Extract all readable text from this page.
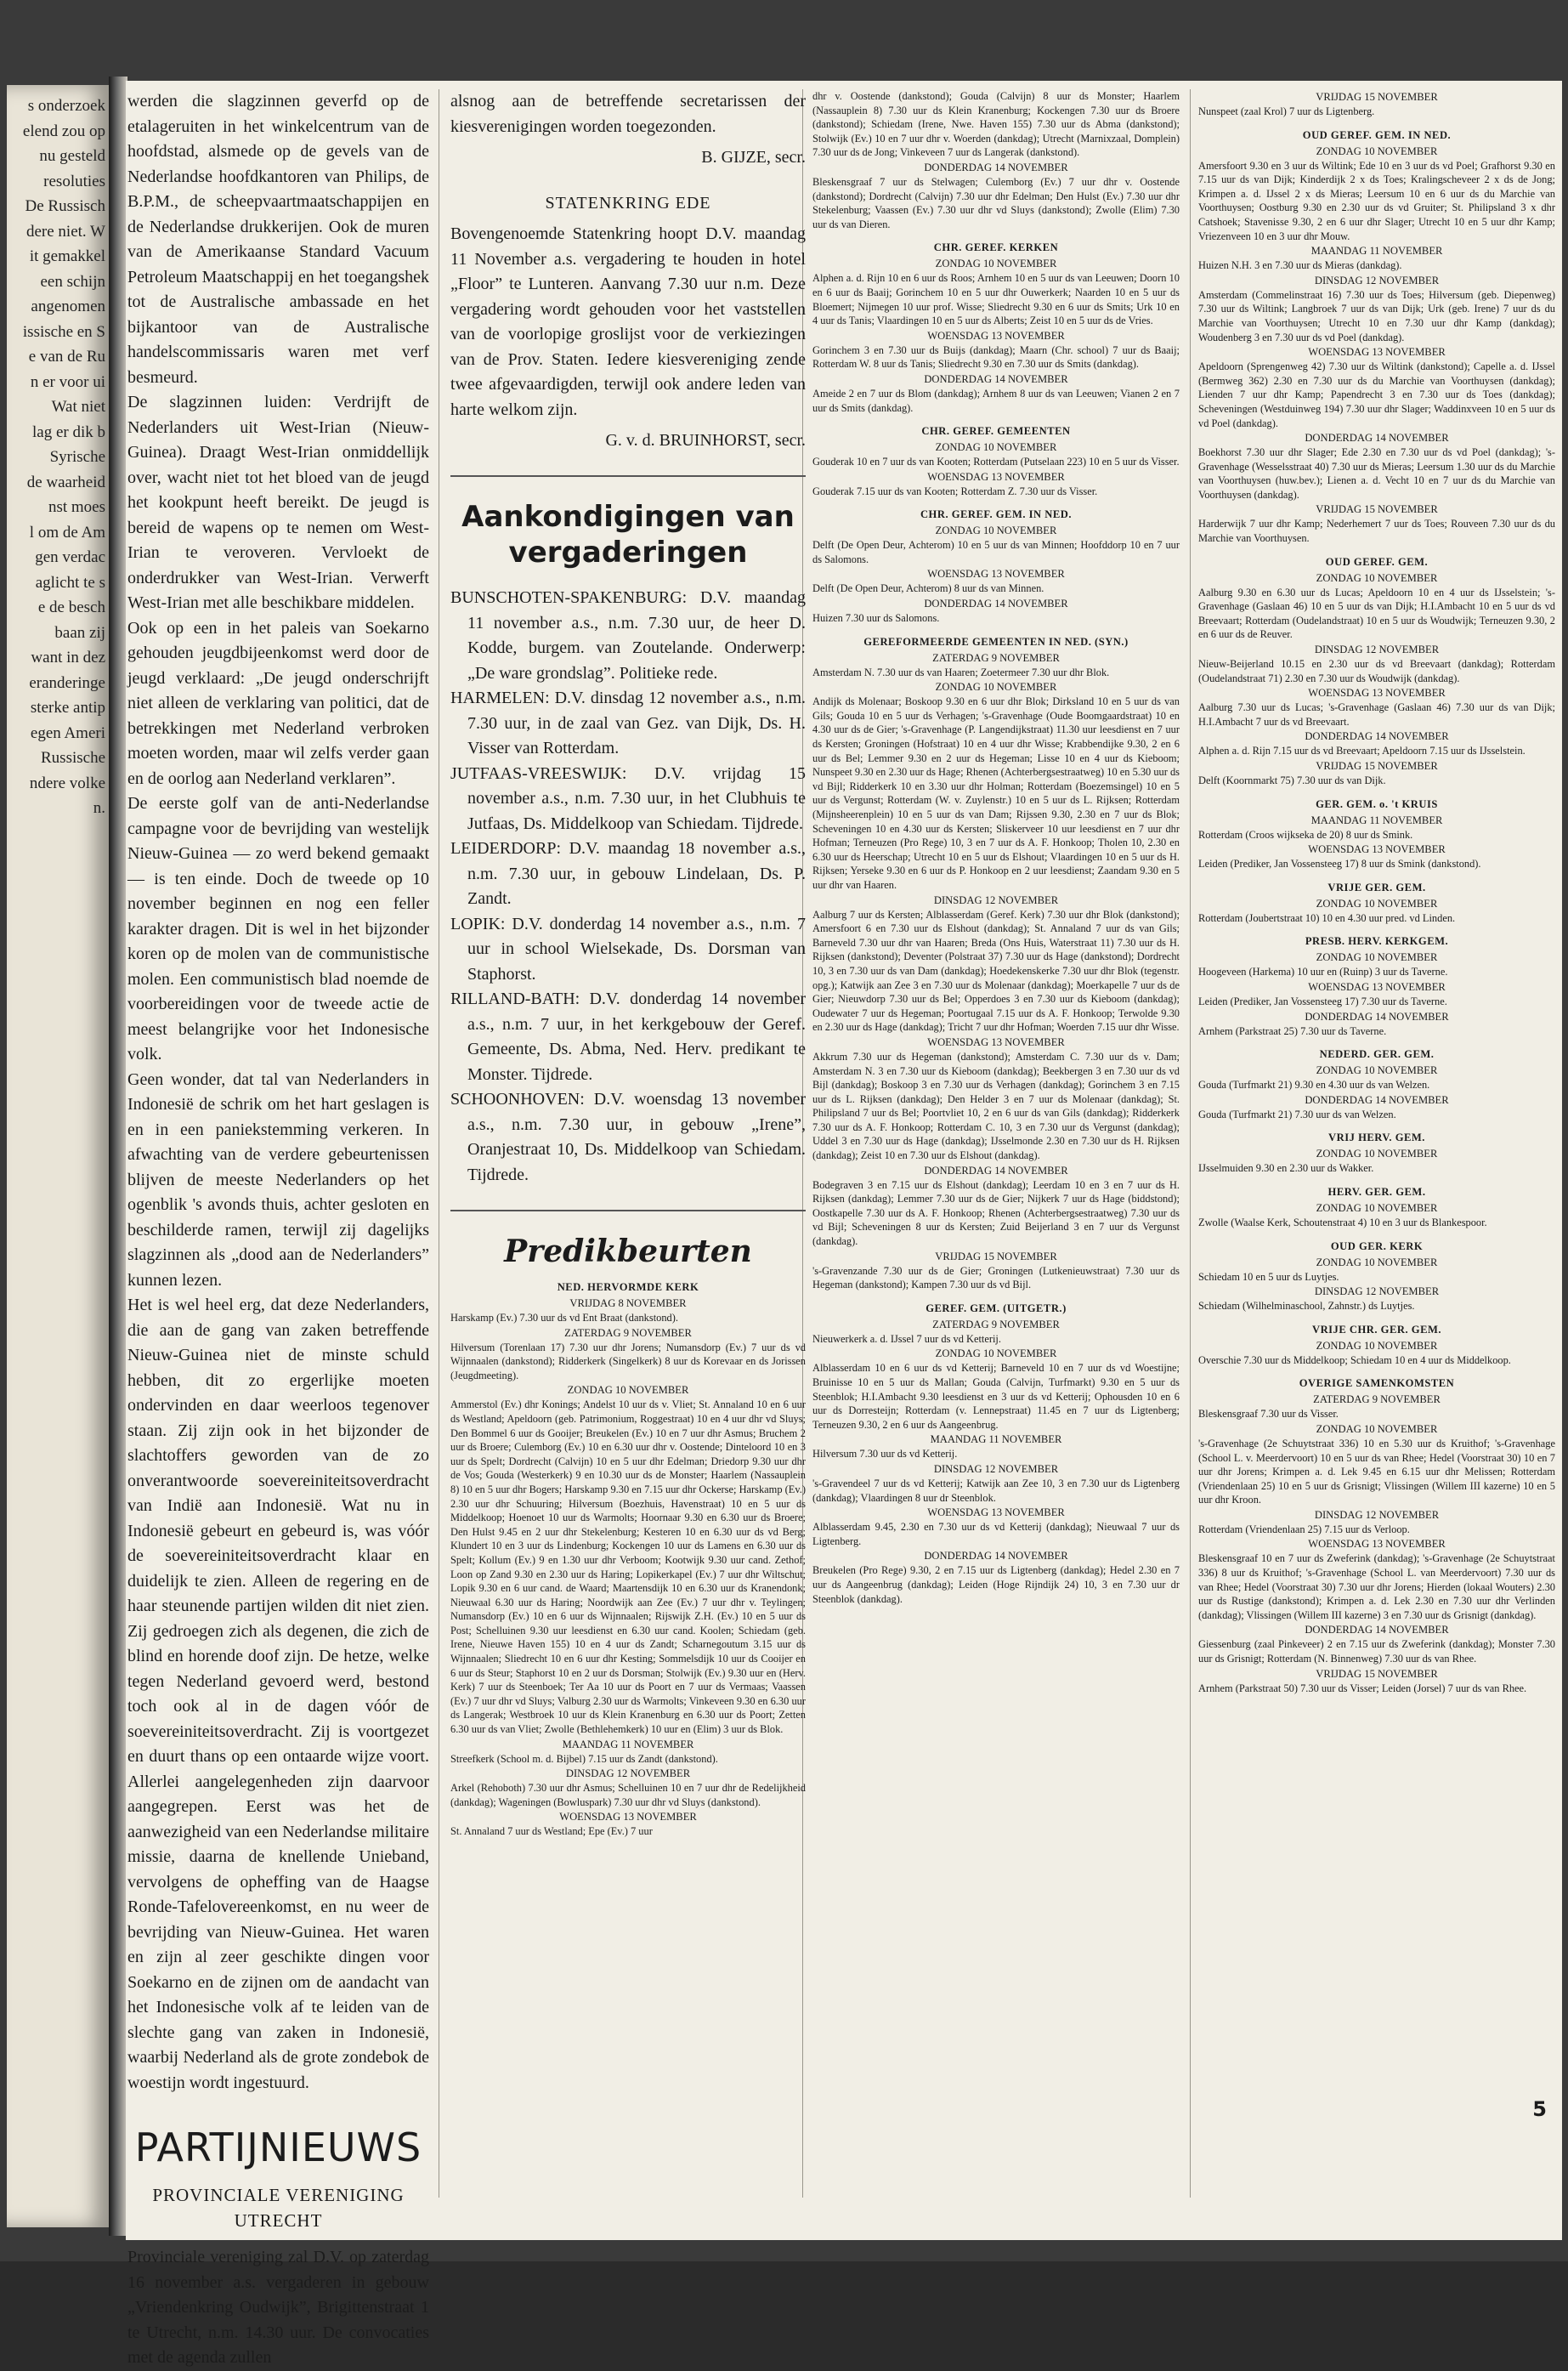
s onderzoek
elend zou op
nu gesteld
resoluties
De Russisch
dere niet. W
it gemakkel
een schijn
angenomen
issische en S
e van de Ru
n er voor ui
Wat niet
lag er dik b
Syrische
de waarheid
nst moes
l om de Am
gen verdac
aglicht te s
e de besch
baan zij
want in dez
eranderinge
sterke antip
egen Ameri
Russische
ndere volke
n.

werden die slagzinnen geverfd op de etalageruiten in het winkelcentrum van de hoofdstad, alsmede op de gevels van de Nederlandse hoofdkantoren van Philips, de B.P.M., de scheepvaartmaatschappijen en de Nederlandse drukkerijen. Ook de muren van de Amerikaanse Standard Vacuum Petroleum Maatschappij en het toegangshek tot de Australische ambassade en het bijkantoor van de Australische handelscommissaris waren met verf besmeurd.

De slagzinnen luiden: Verdrijft de Nederlanders uit West-Irian (Nieuw-Guinea). Draagt West-Irian onmiddellijk over, wacht niet tot het bloed van de jeugd het kookpunt heeft bereikt. De jeugd is bereid de wapens op te nemen om West-Irian te veroveren. Vervloekt de onderdrukker van West-Irian. Verwerft West-Irian met alle beschikbare middelen.

Ook op een in het paleis van Soekarno gehouden jeugdbijeenkomst werd door de jeugd verklaard: „De jeugd onderschrijft niet alleen de verklaring van politici, dat de betrekkingen met Nederland verbroken moeten worden, maar wil zelfs verder gaan en de oorlog aan Nederland verklaren”.

De eerste golf van de anti-Nederlandse campagne voor de bevrijding van westelijk Nieuw-Guinea — zo werd bekend gemaakt — is ten einde. Doch de tweede op 10 november beginnen en nog een feller karakter dragen. Dit is wel in het bijzonder koren op de molen van de communistische molen. Een communistisch blad noemde de voorbereidingen voor de tweede actie de meest belangrijke voor het Indonesische volk.

Geen wonder, dat tal van Nederlanders in Indonesië de schrik om het hart geslagen is en in een paniekstemming verkeren. In afwachting van de verdere gebeurtenissen blijven de meeste Nederlanders op het ogenblik 's avonds thuis, achter gesloten en beschilderde ramen, terwijl zij dagelijks slagzinnen als „dood aan de Nederlanders” kunnen lezen.

Het is wel heel erg, dat deze Nederlanders, die aan de gang van zaken betreffende Nieuw-Guinea niet de minste schuld hebben, dit zo ergerlijke moeten ondervinden en daar weerloos tegenover staan. Zij zijn ook in het bijzonder de slachtoffers geworden van de zo onverantwoorde soevereiniteitsoverdracht van Indië aan Indonesië. Wat nu in Indonesië gebeurt en gebeurd is, was vóór de soevereiniteitsoverdracht klaar en duidelijk te zien. Alleen de regering en de haar steunende partijen wilden dit niet zien. Zij gedroegen zich als degenen, die zich de blind en horende doof zijn. De hetze, welke tegen Nederland gevoerd werd, bestond toch ook al in de dagen vóór de soevereiniteitsoverdracht. Zij is voortgezet en duurt thans op een ontaarde wijze voort. Allerlei aangelegenheden zijn daarvoor aangegrepen. Eerst was het de aanwezigheid van een Nederlandse militaire missie, daarna de knellende Unieband, vervolgens de opheffing van de Haagse Ronde-Tafelovereenkomst, en nu weer de bevrijding van Nieuw-Guinea. Het waren en zijn al zeer geschikte dingen voor Soekarno en de zijnen om de aandacht van het Indonesische volk af te leiden van de slechte gang van zaken in Indonesië, waarbij Nederland als de grote zondebok de woestijn wordt ingestuurd.

PARTIJNIEUWS
PROVINCIALE VERENIGING UTRECHT

Provinciale vereniging zal D.V. op zaterdag 16 november a.s. vergaderen in gebouw „Vriendenkring Oudwijk”, Brigittenstraat 1 te Utrecht, n.m. 14.30 uur. De convocaties met de agenda zullen

alsnog aan de betreffende secretarissen der kiesverenigingen worden toegezonden.

B. GIJZE, secr.

STATENKRING EDE

Bovengenoemde Statenkring hoopt D.V. maandag 11 November a.s. vergadering te houden in hotel „Floor” te Lunteren. Aanvang 7.30 uur n.m. Deze vergadering wordt gehouden voor het vaststellen van de voorlopige groslijst voor de verkiezingen van de Prov. Staten. Iedere kiesvereniging zende twee afgevaardigden, terwijl ook andere leden van harte welkom zijn.

G. v. d. BRUINHORST, secr.

Aankondigingen van vergaderingen

BUNSCHOTEN-SPAKENBURG: D.V. maandag 11 november a.s., n.m. 7.30 uur, de heer D. Kodde, burgem. van Zoutelande. Onderwerp: „De ware grondslag”. Politieke rede.

HARMELEN: D.V. dinsdag 12 november a.s., n.m. 7.30 uur, in de zaal van Gez. van Dijk, Ds. H. Visser van Rotterdam.

JUTFAAS-VREESWIJK: D.V. vrijdag 15 november a.s., n.m. 7.30 uur, in het Clubhuis te Jutfaas, Ds. Middelkoop van Schiedam. Tijdrede.

LEIDERDORP: D.V. maandag 18 november a.s., n.m. 7.30 uur, in gebouw Lindelaan, Ds. P. Zandt.

LOPIK: D.V. donderdag 14 november a.s., n.m. 7 uur in school Wielsekade, Ds. Dorsman van Staphorst.

RILLAND-BATH: D.V. donderdag 14 november a.s., n.m. 7 uur, in het kerkgebouw der Geref. Gemeente, Ds. Abma, Ned. Herv. predikant te Monster. Tijdrede.

SCHOONHOVEN: D.V. woensdag 13 november a.s., n.m. 7.30 uur, in gebouw „Irene”, Oranjestraat 10, Ds. Middelkoop van Schiedam. Tijdrede.

Predikbeurten
NED. HERVORMDE KERK
VRIJDAG 8 NOVEMBER

Harskamp (Ev.) 7.30 uur ds vd Ent Braat (dankstond).

ZATERDAG 9 NOVEMBER

Hilversum (Torenlaan 17) 7.30 uur dhr Jorens; Numansdorp (Ev.) 7 uur ds vd Wijnnaalen (dankstond); Ridderkerk (Singelkerk) 8 uur ds Korevaar en ds Jorissen (Jeugdmeeting).

ZONDAG 10 NOVEMBER

Ammerstol (Ev.) dhr Konings; Andelst 10 uur ds v. Vliet; St. Annaland 10 en 6 uur ds Westland; Apeldoorn (geb. Patrimonium, Roggestraat) 10 en 4 uur dhr vd Sluys; Den Bommel 6 uur ds Gooijer; Breukelen (Ev.) 10 en 7 uur dhr Asmus; Bruchem 2 uur ds Broere; Culemborg (Ev.) 10 en 6.30 uur dhr v. Oostende; Dinteloord 10 en 3 uur ds Spelt; Dordrecht (Calvijn) 10 en 5 uur dhr Edelman; Driedorp 9.30 uur dhr de Vos; Gouda (Westerkerk) 9 en 10.30 uur ds de Monster; Haarlem (Nassauplein 8) 10 en 5 uur dhr Bogers; Harskamp 9.30 en 7.15 uur dhr Ockerse; Harskamp (Ev.) 2.30 uur dhr Schuuring; Hilversum (Boezhuis, Havenstraat) 10 en 5 uur ds Middelkoop; Hoenoet 10 uur ds Warmolts; Hoornaar 9.30 en 6.30 uur ds Broere; Den Hulst 9.45 en 2 uur dhr Stekelenburg; Kesteren 10 en 6.30 uur ds vd Berg; Klundert 10 en 3 uur ds Lindenburg; Kockengen 10 uur ds Lamens en 6.30 uur ds Spelt; Kollum (Ev.) 9 en 1.30 uur dhr Verboom; Kootwijk 9.30 uur cand. Zethof; Loon op Zand 9.30 en 2.30 uur ds Haring; Lopikerkapel (Ev.) 7 uur dhr Wiltschut; Lopik 9.30 en 6 uur cand. de Waard; Maartensdijk 10 en 6.30 uur ds Kranendonk; Nieuwaal 6.30 uur ds Haring; Noordwijk aan Zee (Ev.) 7 uur dhr v. Teylingen; Numansdorp (Ev.) 10 en 6 uur ds Wijnnaalen; Rijswijk Z.H. (Ev.) 10 en 5 uur ds Post; Schelluinen 9.30 uur leesdienst en 6.30 uur cand. Koolen; Schiedam (geb. Irene, Nieuwe Haven 155) 10 en 4 uur ds Zandt; Scharnegoutum 3.15 uur ds Wijnnaalen; Sliedrecht 10 en 6 uur dhr Kesting; Sommelsdijk 10 uur ds Cooijer en 6 uur ds Steur; Staphorst 10 en 2 uur ds Dorsman; Stolwijk (Ev.) 9.30 uur en (Herv. Kerk) 7 uur ds Steenboek; Ter Aa 10 uur ds Poort en 7 uur ds Vermaas; Vaassen (Ev.) 7 uur dhr vd Sluys; Valburg 2.30 uur ds Warmolts; Vinkeveen 9.30 en 6.30 uur ds Langerak; Westbroek 10 uur ds Klein Kranenburg en 6.30 uur ds Poort; Zetten 6.30 uur ds van Vliet; Zwolle (Bethlehemkerk) 10 uur en (Elim) 3 uur ds Blok.

MAANDAG 11 NOVEMBER

Streefkerk (School m. d. Bijbel) 7.15 uur ds Zandt (dankstond).

DINSDAG 12 NOVEMBER

Arkel (Rehoboth) 7.30 uur dhr Asmus; Schelluinen 10 en 7 uur dhr de Redelijkheid (dankdag); Wageningen (Bowluspark) 7.30 uur dhr vd Sluys (dankstond).

WOENSDAG 13 NOVEMBER

St. Annaland 7 uur ds Westland; Epe (Ev.) 7 uur

dhr v. Oostende (dankstond); Gouda (Calvijn) 8 uur ds Monster; Haarlem (Nassauplein 8) 7.30 uur ds Klein Kranenburg; Kockengen 7.30 uur ds Broere (dankstond); Schiedam (Irene, Nwe. Haven 155) 7.30 uur ds Abma (dankstond); Stolwijk (Ev.) 10 en 7 uur dhr v. Woerden (dankdag); Utrecht (Marnixzaal, Domplein) 7.30 uur ds de Jong; Vinkeveen 7 uur ds Langerak (dankstond).

DONDERDAG 14 NOVEMBER

Bleskensgraaf 7 uur ds Stelwagen; Culemborg (Ev.) 7 uur dhr v. Oostende (dankstond); Dordrecht (Calvijn) 7.30 uur dhr Edelman; Den Hulst (Ev.) 7.30 uur dhr Stekelenburg; Vaassen (Ev.) 7.30 uur dhr vd Sluys (dankstond); Zwolle (Elim) 7.30 uur ds van Dieren.

CHR. GEREF. KERKEN
ZONDAG 10 NOVEMBER

Alphen a. d. Rijn 10 en 6 uur ds Roos; Arnhem 10 en 5 uur ds van Leeuwen; Doorn 10 en 6 uur ds Baaij; Gorinchem 10 en 5 uur dhr Ouwerkerk; Naarden 10 en 5 uur ds Bloemert; Nijmegen 10 uur prof. Wisse; Sliedrecht 9.30 en 6 uur ds Smits; Urk 10 en 4 uur ds Tanis; Vlaardingen 10 en 5 uur ds Alberts; Zeist 10 en 5 uur ds de Vries.

WOENSDAG 13 NOVEMBER

Gorinchem 3 en 7.30 uur ds Buijs (dankdag); Maarn (Chr. school) 7 uur ds Baaij; Rotterdam W. 8 uur ds Tanis; Sliedrecht 9.30 en 7.30 uur ds Smits (dankdag).

DONDERDAG 14 NOVEMBER

Ameide 2 en 7 uur ds Blom (dankdag); Arnhem 8 uur ds van Leeuwen; Vianen 2 en 7 uur ds Smits (dankdag).

CHR. GEREF. GEMEENTEN
ZONDAG 10 NOVEMBER

Gouderak 10 en 7 uur ds van Kooten; Rotterdam (Putselaan 223) 10 en 5 uur ds Visser.

WOENSDAG 13 NOVEMBER

Gouderak 7.15 uur ds van Kooten; Rotterdam Z. 7.30 uur ds Visser.

CHR. GEREF. GEM. IN NED.
ZONDAG 10 NOVEMBER

Delft (De Open Deur, Achterom) 10 en 5 uur ds van Minnen; Hoofddorp 10 en 7 uur ds Salomons.

WOENSDAG 13 NOVEMBER

Delft (De Open Deur, Achterom) 8 uur ds van Minnen.

DONDERDAG 14 NOVEMBER

Huizen 7.30 uur ds Salomons.

GEREFORMEERDE GEMEENTEN IN NED. (SYN.)
ZATERDAG 9 NOVEMBER

Amsterdam N. 7.30 uur ds van Haaren; Zoetermeer 7.30 uur dhr Blok.

ZONDAG 10 NOVEMBER

Andijk ds Molenaar; Boskoop 9.30 en 6 uur dhr Blok; Dirksland 10 en 5 uur ds van Gils; Gouda 10 en 5 uur ds Verhagen; 's-Gravenhage (Oude Boomgaardstraat) 10 en 4.30 uur ds de Gier; 's-Gravenhage (P. Langendijkstraat) 11.30 uur leesdienst en 7 uur ds Kersten; Groningen (Hofstraat) 10 en 4 uur dhr Wisse; Krabbendijke 9.30, 2 en 6 uur ds Bel; Lemmer 9.30 en 2 uur ds Hegeman; Lisse 10 en 4 uur ds Kieboom; Nunspeet 9.30 en 2.30 uur ds Hage; Rhenen (Achterbergsestraatweg) 10 en 5.30 uur ds vd Bijl; Ridderkerk 10 en 3.30 uur dhr Holman; Rotterdam (Boezemsingel) 10 en 5 uur ds Vergunst; Rotterdam (W. v. Zuylenstr.) 10 en 5 uur ds L. Rijksen; Rotterdam (Mijnsheerenplein) 10 en 5 uur ds van Dam; Rijssen 9.30, 2.30 en 7 uur ds Blok; Scheveningen 10 en 4.30 uur ds Kersten; Sliskerveer 10 uur leesdienst en 7 uur dhr Hofman; Terneuzen (Pro Rege) 10, 3 en 7 uur ds A. F. Honkoop; Tholen 10, 2.30 en 6.30 uur ds Heerschap; Utrecht 10 en 5 uur ds Elshout; Vlaardingen 10 en 5 uur ds H. Rijksen; Yerseke 9.30 en 6 uur ds P. Honkoop en 2 uur leesdienst; Zaandam 9.30 en 5 uur dhr van Haaren.

DINSDAG 12 NOVEMBER

Aalburg 7 uur ds Kersten; Alblasserdam (Geref. Kerk) 7.30 uur dhr Blok (dankstond); Amersfoort 6 en 7.30 uur ds Elshout (dankdag); St. Annaland 7 uur ds van Gils; Barneveld 7.30 uur dhr van Haaren; Breda (Ons Huis, Waterstraat 11) 7.30 uur ds H. Rijksen (dankstond); Deventer (Polstraat 37) 7.30 uur ds Hage (dankstond); Dordrecht 10, 3 en 7.30 uur ds van Dam (dankdag); Hoedekenskerke 7.30 uur dhr Blok (tegenstr. opg.); Katwijk aan Zee 3 en 7.30 uur ds Molenaar (dankdag); Moerkapelle 7 uur ds de Gier; Nieuwdorp 7.30 uur ds Bel; Opperdoes 3 en 7.30 uur ds Kieboom (dankdag); Oudewater 7 uur ds Hegeman; Poortugaal 7.15 uur ds A. F. Honkoop; Terwolde 9.30 en 2.30 uur ds Hage (dankdag); Tricht 7 uur dhr Hofman; Woerden 7.15 uur dhr Wisse.

WOENSDAG 13 NOVEMBER

Akkrum 7.30 uur ds Hegeman (dankstond); Amsterdam C. 7.30 uur ds v. Dam; Amsterdam N. 3 en 7.30 uur ds Kieboom (dankdag); Beekbergen 3 en 7.30 uur ds vd Bijl (dankdag); Boskoop 3 en 7.30 uur ds Verhagen (dankdag); Gorinchem 3 en 7.15 uur ds L. Rijksen (dankdag); Den Helder 3 en 7 uur ds Molenaar (dankdag); St. Philipsland 7 uur ds Bel; Poortvliet 10, 2 en 6 uur ds van Gils (dankdag); Ridderkerk 7.30 uur ds A. F. Honkoop; Rotterdam C. 10, 3 en 7.30 uur ds Vergunst (dankdag); Uddel 3 en 7.30 uur ds Hage (dankdag); IJsselmonde 2.30 en 7.30 uur ds H. Rijksen (dankdag); Zeist 10 en 7.30 uur ds Elshout (dankdag).

DONDERDAG 14 NOVEMBER

Bodegraven 3 en 7.15 uur ds Elshout (dankdag); Leerdam 10 en 3 en 7 uur ds H. Rijksen (dankdag); Lemmer 7.30 uur ds de Gier; Nijkerk 7 uur ds Hage (biddstond); Oostkapelle 7.30 uur ds A. F. Honkoop; Rhenen (Achterbergsestraatweg) 7.30 uur ds vd Bijl; Scheveningen 8 uur ds Kersten; Zuid Beijerland 3 en 7 uur ds Vergunst (dankdag).

VRIJDAG 15 NOVEMBER

's-Gravenzande 7.30 uur ds de Gier; Groningen (Lutkenieuwstraat) 7.30 uur ds Hegeman (dankstond); Kampen 7.30 uur ds vd Bijl.

GEREF. GEM. (UITGETR.)
ZATERDAG 9 NOVEMBER

Nieuwerkerk a. d. IJssel 7 uur ds vd Ketterij.

ZONDAG 10 NOVEMBER

Alblasserdam 10 en 6 uur ds vd Ketterij; Barneveld 10 en 7 uur ds vd Woestijne; Bruinisse 10 en 5 uur ds Mallan; Gouda (Calvijn, Turfmarkt) 9.30 en 5 uur ds Steenblok; H.I.Ambacht 9.30 leesdienst en 3 uur ds vd Ketterij; Ophousden 10 en 6 uur ds Dorresteijn; Rotterdam (v. Lennepstraat) 11.45 en 7 uur ds Ligtenberg; Terneuzen 9.30, 2 en 6 uur ds Aangeenbrug.

MAANDAG 11 NOVEMBER

Hilversum 7.30 uur ds vd Ketterij.

DINSDAG 12 NOVEMBER

's-Gravendeel 7 uur ds vd Ketterij; Katwijk aan Zee 10, 3 en 7.30 uur ds Ligtenberg (dankdag); Vlaardingen 8 uur dr Steenblok.

WOENSDAG 13 NOVEMBER

Alblasserdam 9.45, 2.30 en 7.30 uur ds vd Ketterij (dankdag); Nieuwaal 7 uur ds Ligtenberg.

DONDERDAG 14 NOVEMBER

Breukelen (Pro Rege) 9.30, 2 en 7.15 uur ds Ligtenberg (dankdag); Hedel 2.30 en 7 uur ds Aangeenbrug (dankdag); Leiden (Hoge Rijndijk 24) 10, 3 en 7.30 uur dr Steenblok (dankdag).

VRIJDAG 15 NOVEMBER

Nunspeet (zaal Krol) 7 uur ds Ligtenberg.

OUD GEREF. GEM. IN NED.
ZONDAG 10 NOVEMBER

Amersfoort 9.30 en 3 uur ds Wiltink; Ede 10 en 3 uur ds vd Poel; Grafhorst 9.30 en 7.15 uur ds van Dijk; Kinderdijk 2 x ds Toes; Kralingscheveer 2 x ds de Jong; Krimpen a. d. IJssel 2 x ds Mieras; Leersum 10 en 6 uur ds du Marchie van Voorthuysen; Oostburg 9.30 en 2.30 uur ds vd Gruiter; St. Philipsland 3 x dhr Catshoek; Stavenisse 9.30, 2 en 6 uur dhr Slager; Utrecht 10 en 5 uur dhr Kamp; Vriezenveen 10 en 3 uur dhr Mouw.

MAANDAG 11 NOVEMBER

Huizen N.H. 3 en 7.30 uur ds Mieras (dankdag).

DINSDAG 12 NOVEMBER

Amsterdam (Commelinstraat 16) 7.30 uur ds Toes; Hilversum (geb. Diepenweg) 7.30 uur ds Wiltink; Langbroek 7 uur ds van Dijk; Urk (geb. Irene) 7 uur ds du Marchie van Voorthuysen; Utrecht 10 en 7.30 uur dhr Kamp (dankdag); Woudenberg 3 en 7.30 uur ds vd Poel (dankdag).

WOENSDAG 13 NOVEMBER

Apeldoorn (Sprengenweg 42) 7.30 uur ds Wiltink (dankstond); Capelle a. d. IJssel (Bermweg 362) 2.30 en 7.30 uur ds du Marchie van Voorthuysen (dankdag); Lienden 7 uur dhr Kamp; Papendrecht 3 en 7.30 uur ds Toes (dankdag); Scheveningen (Westduinweg 194) 7.30 uur dhr Slager; Waddinxveen 10 en 5 uur ds vd Poel (dankdag).

DONDERDAG 14 NOVEMBER

Boekhorst 7.30 uur dhr Slager; Ede 2.30 en 7.30 uur ds vd Poel (dankdag); 's-Gravenhage (Wesselsstraat 40) 7.30 uur ds Mieras; Leersum 1.30 uur ds du Marchie van Voorthuysen (huw.bev.); Lienen a. d. Vecht 10 en 7 uur ds du Marchie van Voorthuysen (dankdag).

VRIJDAG 15 NOVEMBER

Harderwijk 7 uur dhr Kamp; Nederhemert 7 uur ds Toes; Rouveen 7.30 uur ds du Marchie van Voorthuysen.

OUD GEREF. GEM.
ZONDAG 10 NOVEMBER

Aalburg 9.30 en 6.30 uur ds Lucas; Apeldoorn 10 en 4 uur ds IJsselstein; 's-Gravenhage (Gaslaan 46) 10 en 5 uur ds van Dijk; H.I.Ambacht 10 en 5 uur ds vd Breevaart; Rotterdam (Oudelandstraat) 10 en 5 uur ds Woudwijk; Terneuzen 9.30, 2 en 6 uur ds de Reuver.

DINSDAG 12 NOVEMBER

Nieuw-Beijerland 10.15 en 2.30 uur ds vd Breevaart (dankdag); Rotterdam (Oudelandstraat 71) 2.30 en 7.30 uur ds Woudwijk (dankdag).

WOENSDAG 13 NOVEMBER

Aalburg 7.30 uur ds Lucas; 's-Gravenhage (Gaslaan 46) 7.30 uur ds van Dijk; H.I.Ambacht 7 uur ds vd Breevaart.

DONDERDAG 14 NOVEMBER

Alphen a. d. Rijn 7.15 uur ds vd Breevaart; Apeldoorn 7.15 uur ds IJsselstein.

VRIJDAG 15 NOVEMBER

Delft (Koornmarkt 75) 7.30 uur ds van Dijk.

GER. GEM. o. 't KRUIS
MAANDAG 11 NOVEMBER

Rotterdam (Croos wijkseka de 20) 8 uur ds Smink.

WOENSDAG 13 NOVEMBER

Leiden (Prediker, Jan Vossensteeg 17) 8 uur ds Smink (dankstond).

VRIJE GER. GEM.
ZONDAG 10 NOVEMBER

Rotterdam (Joubertstraat 10) 10 en 4.30 uur pred. vd Linden.

PRESB. HERV. KERKGEM.
ZONDAG 10 NOVEMBER

Hoogeveen (Harkema) 10 uur en (Ruinp) 3 uur ds Taverne.

WOENSDAG 13 NOVEMBER

Leiden (Prediker, Jan Vossensteeg 17) 7.30 uur ds Taverne.

DONDERDAG 14 NOVEMBER

Arnhem (Parkstraat 25) 7.30 uur ds Taverne.

NEDERD. GER. GEM.
ZONDAG 10 NOVEMBER

Gouda (Turfmarkt 21) 9.30 en 4.30 uur ds van Welzen.

DONDERDAG 14 NOVEMBER

Gouda (Turfmarkt 21) 7.30 uur ds van Welzen.

VRIJ HERV. GEM.
ZONDAG 10 NOVEMBER

IJsselmuiden 9.30 en 2.30 uur ds Wakker.

HERV. GER. GEM.
ZONDAG 10 NOVEMBER

Zwolle (Waalse Kerk, Schoutenstraat 4) 10 en 3 uur ds Blankespoor.

OUD GER. KERK
ZONDAG 10 NOVEMBER

Schiedam 10 en 5 uur ds Luytjes.

DINSDAG 12 NOVEMBER

Schiedam (Wilhelminaschool, Zahnstr.) ds Luytjes.

VRIJE CHR. GER. GEM.
ZONDAG 10 NOVEMBER

Overschie 7.30 uur ds Middelkoop; Schiedam 10 en 4 uur ds Middelkoop.

OVERIGE SAMENKOMSTEN
ZATERDAG 9 NOVEMBER

Bleskensgraaf 7.30 uur ds Visser.

ZONDAG 10 NOVEMBER

's-Gravenhage (2e Schuytstraat 336) 10 en 5.30 uur ds Kruithof; 's-Gravenhage (School L. v. Meerdervoort) 10 en 5 uur ds van Rhee; Hedel (Voorstraat 30) 10 en 7 uur dhr Jorens; Krimpen a. d. Lek 9.45 en 6.15 uur dhr Melissen; Rotterdam (Vriendenlaan 25) 10 en 5 uur ds Grisnigt; Vlissingen (Willem III kazerne) 10 en 5 uur dhr Kroon.

DINSDAG 12 NOVEMBER

Rotterdam (Vriendenlaan 25) 7.15 uur ds Verloop.

WOENSDAG 13 NOVEMBER

Bleskensgraaf 10 en 7 uur ds Zweferink (dankdag); 's-Gravenhage (2e Schuytstraat 336) 8 uur ds Kruithof; 's-Gravenhage (School L. van Meerdervoort) 7.30 uur ds van Rhee; Hedel (Voorstraat 30) 7.30 uur dhr Jorens; Hierden (lokaal Wouters) 2.30 uur ds Rustige (dankstond); Krimpen a. d. Lek 2.30 en 7.30 uur dhr Verlinden (dankdag); Vlissingen (Willem III kazerne) 3 en 7.30 uur ds Grisnigt (dankdag).

DONDERDAG 14 NOVEMBER

Giessenburg (zaal Pinkeveer) 2 en 7.15 uur ds Zweferink (dankdag); Monster 7.30 uur ds Grisnigt; Rotterdam (N. Binnenweg) 7.30 uur ds van Rhee.

VRIJDAG 15 NOVEMBER

Arnhem (Parkstraat 50) 7.30 uur ds Visser; Leiden (Jorsel) 7 uur ds van Rhee.

5
